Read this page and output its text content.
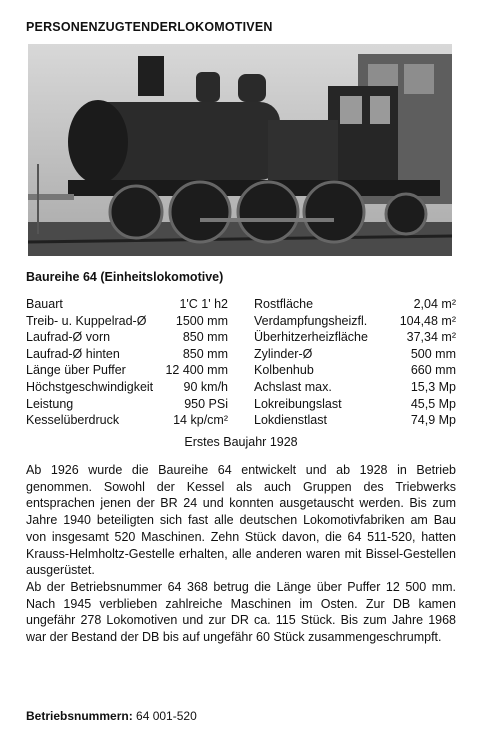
PERSONENZUGTENDERLOKOMOTIVEN
Baureihe 64 (Einheitslokomotive)
Bauart	1'C 1' h2
Treib- u. Kuppelrad-Ø 1500 mm
Laufrad-Ø vorn	850 mm
Laufrad-Ø hinten	850 mm
Länge über Puffer	12 400 mm
Höchstgeschwindigkeit 90 km/h
Leistung	950 PSi
Kesselüberdruck	14 kp/cm²
Rostfläche	2,04 m²
Verdampfungsheizfl.	104,48 m²
Überhitzerheizfläche	37,34 m²
Zylinder-Ø	500 mm
Kolbenhub	660 mm
Achslast max.	15,3 Mp
Lokreibungslast	45,5 Mp
Lokdienstlast	74,9 Mp
Erstes Baujahr 1928

Ab 1926 wurde die Baureihe 64 entwickelt und ab 1928 in Betrieb genommen. Sowohl der Kessel als auch Gruppen des Triebwerks entsprachen jenen der BR 24 und konnten ausgetauscht werden. Bis zum Jahre 1940 beteiligten sich fast alle deutschen Lokomotivfabriken am Bau von insgesamt 520 Maschinen. Zehn Stück davon, die 64 511-520, hatten Krauss-Helmholtz-Gestelle erhalten, alle anderen waren mit Bissel-Gestellen ausgerüstet.

Ab der Betriebsnummer 64 368 betrug die Länge über Puffer 12 500 mm. Nach 1945 verblieben zahlreiche Maschinen im Osten. Zur DB kamen ungefähr 278 Lokomotiven und zur DR ca. 115 Stück. Bis zum Jahre 1968 war der Bestand der DB bis auf ungefähr 60 Stück zusammengeschrumpft.

Betriebsnummern: 64 001-520
